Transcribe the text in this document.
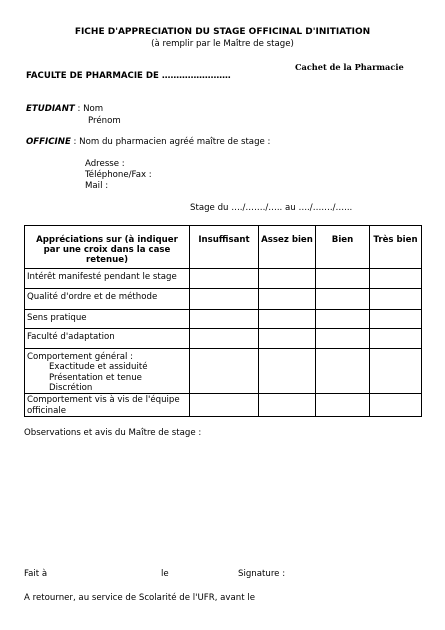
FICHE D'APPRECIATION DU STAGE OFFICINAL D'INITIATION
(à remplir par le Maître de stage)
Cachet de la Pharmacie
FACULTE DE PHARMACIE DE ……………………
ETUDIANT : Nom
Prénom
OFFICINE : Nom du pharmacien agréé maître de stage :
Adresse :
Téléphone/Fax :
Mail :
Stage du …./……./….. au …./……./…...
Appréciations sur (à indiquer par une croix dans la case retenue)	Insuffisant	Assez bien	Bien	Très bien
Intérêt manifesté pendant le stage				
Qualité d'ordre et de méthode				
Sens pratique				
Faculté d'adaptation				
Comportement général :
Exactitude et assiduité
Présentation et tenue
Discrétion				

Comportement vis à vis de l'équipe officinale				
Observations et avis du Maître de stage :
Fait à	le	Signature :
A retourner, au service de Scolarité de l'UFR, avant le
